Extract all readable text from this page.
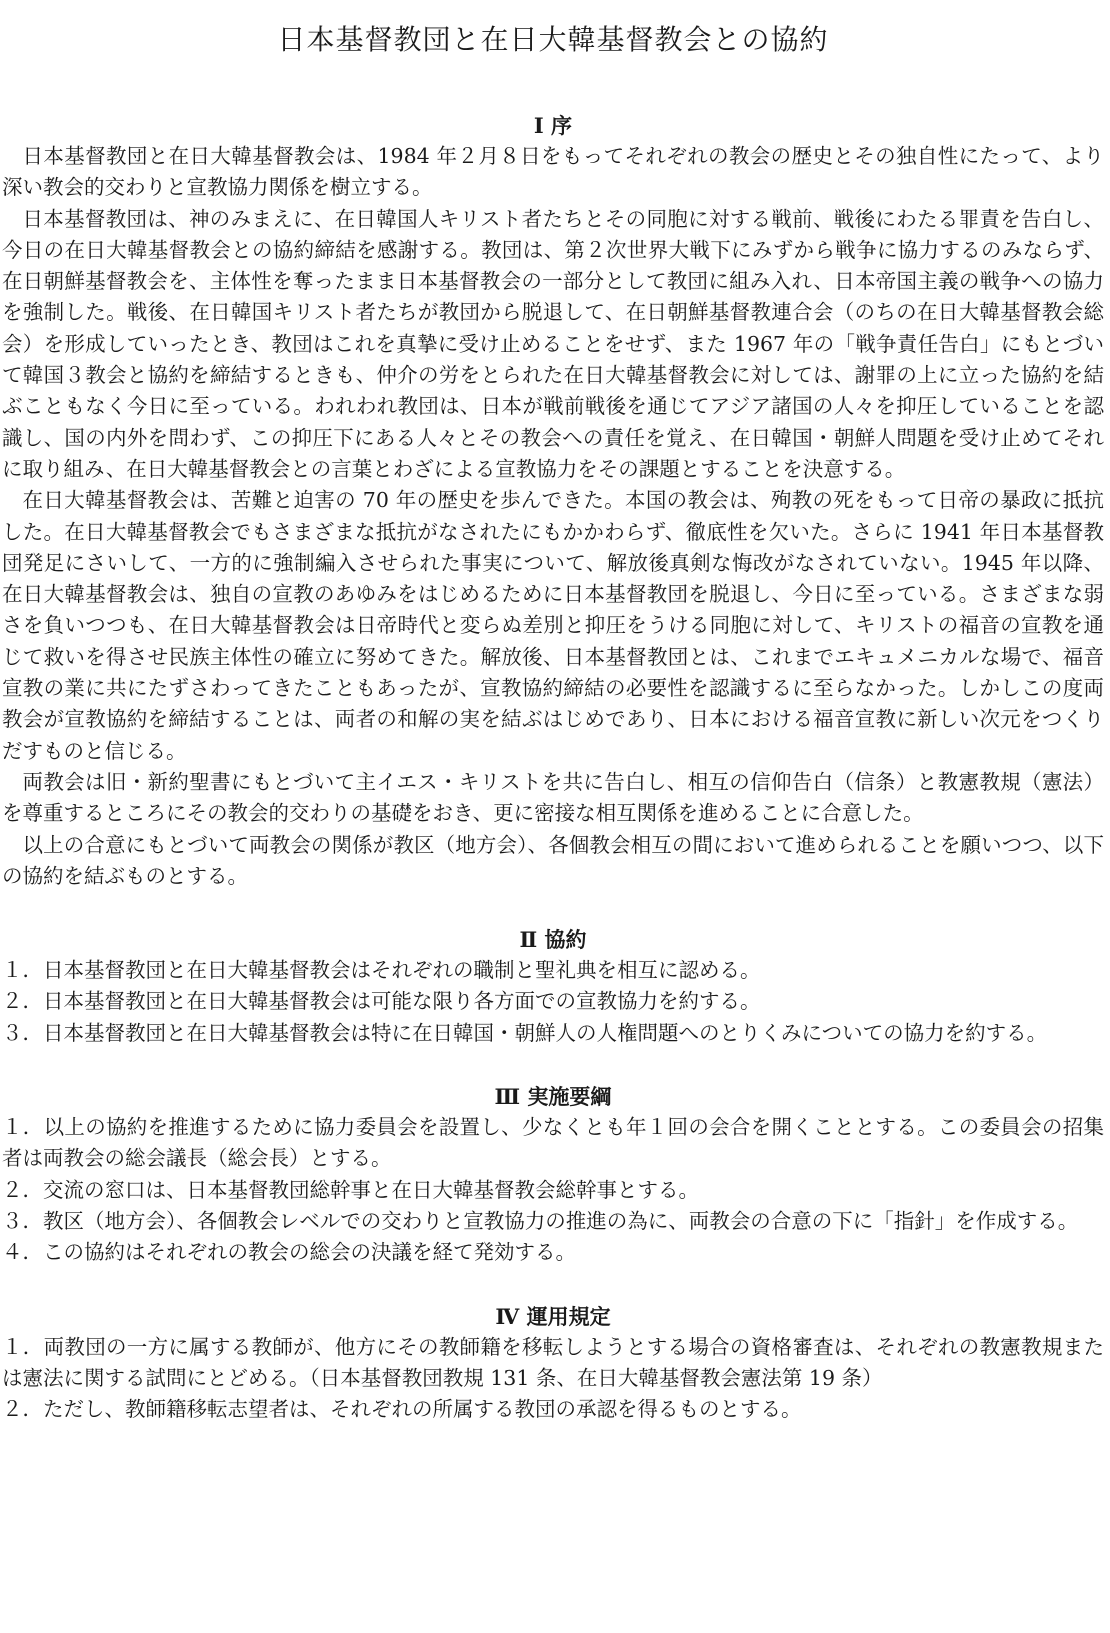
日本基督教団と在日大韓基督教会との協約
Ⅰ 序

日本基督教団と在日大韓基督教会は、1984 年２月８日をもってそれぞれの教会の歴史とその独自性にたって、より深い教会的交わりと宣教協力関係を樹立する。

日本基督教団は、神のみまえに、在日韓国人キリスト者たちとその同胞に対する戦前、戦後にわたる罪責を告白し、今日の在日大韓基督教会との協約締結を感謝する。教団は、第２次世界大戦下にみずから戦争に協力するのみならず、在日朝鮮基督教会を、主体性を奪ったまま日本基督教会の一部分として教団に組み入れ、日本帝国主義の戦争への協力を強制した。戦後、在日韓国キリスト者たちが教団から脱退して、在日朝鮮基督教連合会（のちの在日大韓基督教会総会）を形成していったとき、教団はこれを真摯に受け止めることをせず、また 1967 年の「戦争責任告白」にもとづいて韓国３教会と協約を締結するときも、仲介の労をとられた在日大韓基督教会に対しては、謝罪の上に立った協約を結ぶこともなく今日に至っている。われわれ教団は、日本が戦前戦後を通じてアジア諸国の人々を抑圧していることを認識し、国の内外を問わず、この抑圧下にある人々とその教会への責任を覚え、在日韓国・朝鮮人問題を受け止めてそれに取り組み、在日大韓基督教会との言葉とわざによる宣教協力をその課題とすることを決意する。

在日大韓基督教会は、苦難と迫害の 70 年の歴史を歩んできた。本国の教会は、殉教の死をもって日帝の暴政に抵抗した。在日大韓基督教会でもさまざまな抵抗がなされたにもかかわらず、徹底性を欠いた。さらに 1941 年日本基督教団発足にさいして、一方的に強制編入させられた事実について、解放後真剣な悔改がなされていない。1945 年以降、在日大韓基督教会は、独自の宣教のあゆみをはじめるために日本基督教団を脱退し、今日に至っている。さまざまな弱さを負いつつも、在日大韓基督教会は日帝時代と変らぬ差別と抑圧をうける同胞に対して、キリストの福音の宣教を通じて救いを得させ民族主体性の確立に努めてきた。解放後、日本基督教団とは、これまでエキュメニカルな場で、福音宣教の業に共にたずさわってきたこともあったが、宣教協約締結の必要性を認識するに至らなかった。しかしこの度両教会が宣教協約を締結することは、両者の和解の実を結ぶはじめであり、日本における福音宣教に新しい次元をつくりだすものと信じる。

両教会は旧・新約聖書にもとづいて主イエス・キリストを共に告白し、相互の信仰告白（信条）と教憲教規（憲法）を尊重するところにその教会的交わりの基礎をおき、更に密接な相互関係を進めることに合意した。

以上の合意にもとづいて両教会の関係が教区（地方会）、各個教会相互の間において進められることを願いつつ、以下の協約を結ぶものとする。

Ⅱ 協約

１．日本基督教団と在日大韓基督教会はそれぞれの職制と聖礼典を相互に認める。

２．日本基督教団と在日大韓基督教会は可能な限り各方面での宣教協力を約する。

３．日本基督教団と在日大韓基督教会は特に在日韓国・朝鮮人の人権問題へのとりくみについての協力を約する。

Ⅲ 実施要綱

１．以上の協約を推進するために協力委員会を設置し、少なくとも年１回の会合を開くこととする。この委員会の招集者は両教会の総会議長（総会長）とする。

２．交流の窓口は、日本基督教団総幹事と在日大韓基督教会総幹事とする。

３．教区（地方会）、各個教会レベルでの交わりと宣教協力の推進の為に、両教会の合意の下に「指針」を作成する。

４．この協約はそれぞれの教会の総会の決議を経て発効する。

Ⅳ 運用規定

１．両教団の一方に属する教師が、他方にその教師籍を移転しようとする場合の資格審査は、それぞれの教憲教規または憲法に関する試問にとどめる。（日本基督教団教規 131 条、在日大韓基督教会憲法第 19 条）

２．ただし、教師籍移転志望者は、それぞれの所属する教団の承認を得るものとする。
